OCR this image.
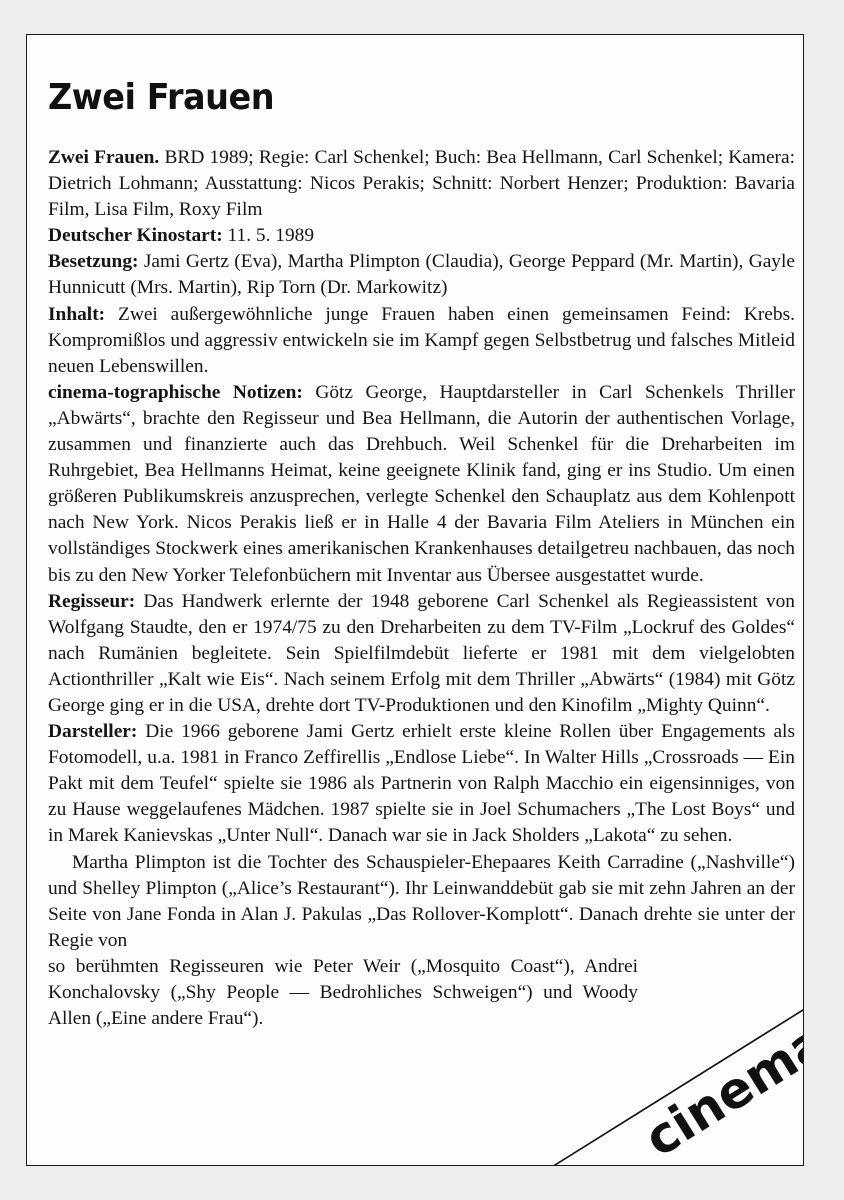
Zwei Frauen

Zwei Frauen. BRD 1989; Regie: Carl Schenkel; Buch: Bea Hellmann, Carl Schenkel; Kamera: Dietrich Lohmann; Ausstattung: Nicos Perakis; Schnitt: Norbert Henzer; Produktion: Bavaria Film, Lisa Film, Roxy Film

Deutscher Kinostart: 11. 5. 1989

Besetzung: Jami Gertz (Eva), Martha Plimpton (Claudia), George Peppard (Mr. Martin), Gayle Hunnicutt (Mrs. Martin), Rip Torn (Dr. Markowitz)

Inhalt: Zwei außergewöhnliche junge Frauen haben einen gemeinsamen Feind: Krebs. Kompromißlos und aggressiv entwickeln sie im Kampf gegen Selbstbetrug und falsches Mitleid neuen Lebenswillen.

cinema-tographische Notizen: Götz George, Hauptdarsteller in Carl Schenkels Thriller „Abwärts“, brachte den Regisseur und Bea Hellmann, die Autorin der authentischen Vorlage, zusammen und finanzierte auch das Drehbuch. Weil Schenkel für die Dreharbeiten im Ruhrgebiet, Bea Hellmanns Heimat, keine geeignete Klinik fand, ging er ins Studio. Um einen größeren Publikumskreis anzusprechen, verlegte Schenkel den Schauplatz aus dem Kohlenpott nach New York. Nicos Perakis ließ er in Halle 4 der Bavaria Film Ateliers in München ein vollständiges Stockwerk eines amerikanischen Krankenhauses detailgetreu nachbauen, das noch bis zu den New Yorker Telefonbüchern mit Inventar aus Übersee ausgestattet wurde.

Regisseur: Das Handwerk erlernte der 1948 geborene Carl Schenkel als Regieassistent von Wolfgang Staudte, den er 1974/75 zu den Dreharbeiten zu dem TV-Film „Lockruf des Goldes“ nach Rumänien begleitete. Sein Spielfilmdebüt lieferte er 1981 mit dem vielgelobten Actionthriller „Kalt wie Eis“. Nach seinem Erfolg mit dem Thriller „Abwärts“ (1984) mit Götz George ging er in die USA, drehte dort TV-Produktionen und den Kinofilm „Mighty Quinn“.

Darsteller: Die 1966 geborene Jami Gertz erhielt erste kleine Rollen über Engagements als Fotomodell, u.a. 1981 in Franco Zeffirellis „Endlose Liebe“. In Walter Hills „Crossroads — Ein Pakt mit dem Teufel“ spielte sie 1986 als Partnerin von Ralph Macchio ein eigensinniges, von zu Hause weggelaufenes Mädchen. 1987 spielte sie in Joel Schumachers „The Lost Boys“ und in Marek Kanievskas „Unter Null“. Danach war sie in Jack Sholders „Lakota“ zu sehen.

Martha Plimpton ist die Tochter des Schauspieler-Ehepaares Keith Carradine („Nashville“) und Shelley Plimpton („Alice’s Restaurant“). Ihr Leinwanddebüt gab sie mit zehn Jahren an der Seite von Jane Fonda in Alan J. Pakulas „Das Rollover-Komplott“. Danach drehte sie unter der Regie von

so berühmten Regisseuren wie Peter Weir („Mosquito Coast“), Andrei Konchalovsky („Shy People — Bedrohliches Schweigen“) und Woody Allen („Eine andere Frau“).	cinema
